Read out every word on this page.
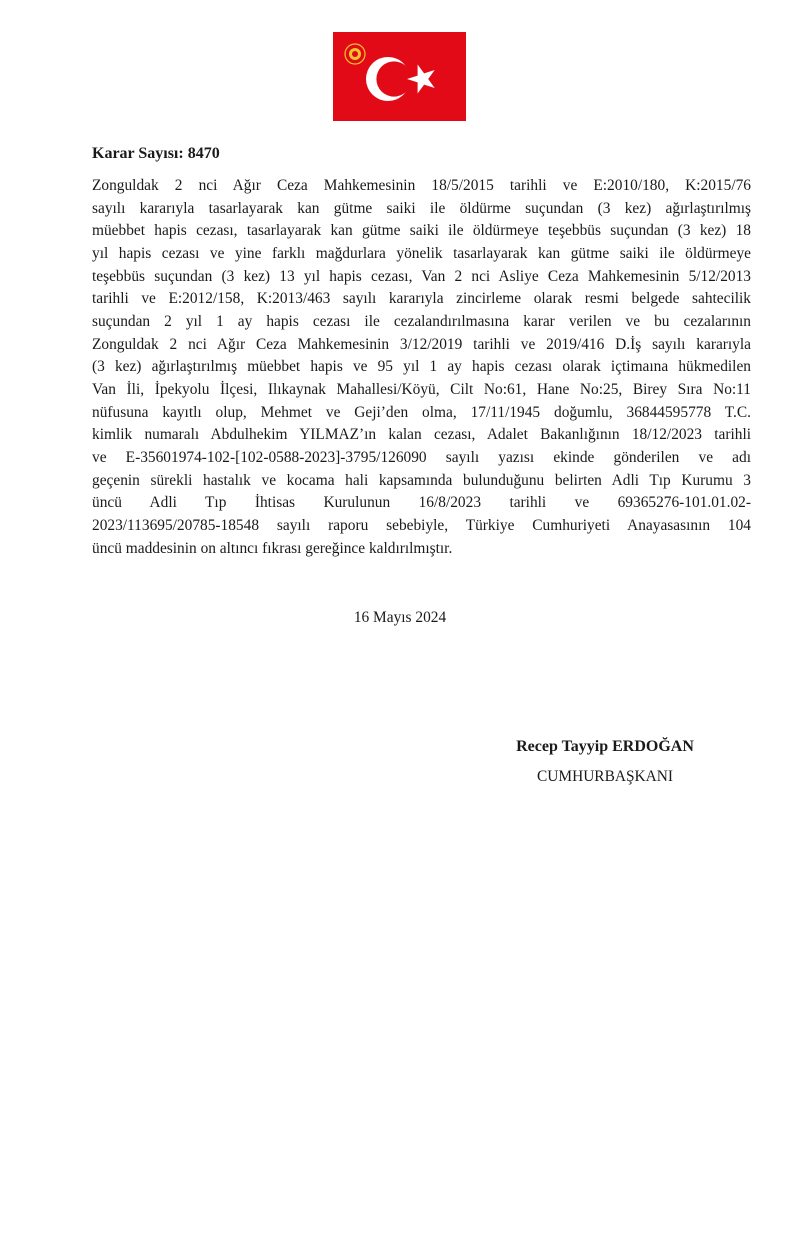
Karar Sayısı: 8470
Zonguldak 2 nci Ağır Ceza Mahkemesinin 18/5/2015 tarihli ve E:2010/180, K:2015/76
sayılı kararıyla tasarlayarak kan gütme saiki ile öldürme suçundan (3 kez) ağırlaştırılmış
müebbet hapis cezası, tasarlayarak kan gütme saiki ile öldürmeye teşebbüs suçundan (3 kez) 18
yıl hapis cezası ve yine farklı mağdurlara yönelik tasarlayarak kan gütme saiki ile öldürmeye
teşebbüs suçundan (3 kez) 13 yıl hapis cezası, Van 2 nci Asliye Ceza Mahkemesinin 5/12/2013
tarihli ve E:2012/158, K:2013/463 sayılı kararıyla zincirleme olarak resmi belgede sahtecilik
suçundan 2 yıl 1 ay hapis cezası ile cezalandırılmasına karar verilen ve bu cezalarının
Zonguldak 2 nci Ağır Ceza Mahkemesinin 3/12/2019 tarihli ve 2019/416 D.İş sayılı kararıyla
(3 kez) ağırlaştırılmış müebbet hapis ve 95 yıl 1 ay hapis cezası olarak içtimaına hükmedilen
Van İli, İpekyolu İlçesi, Ilıkaynak Mahallesi/Köyü, Cilt No:61, Hane No:25, Birey Sıra No:11
nüfusuna kayıtlı olup, Mehmet ve Geji’den olma, 17/11/1945 doğumlu, 36844595778 T.C.
kimlik numaralı Abdulhekim YILMAZ’ın kalan cezası, Adalet Bakanlığının 18/12/2023 tarihli
ve E-35601974-102-[102-0588-2023]-3795/126090 sayılı yazısı ekinde gönderilen ve adı
geçenin sürekli hastalık ve kocama hali kapsamında bulunduğunu belirten Adli Tıp Kurumu 3
üncü Adli Tıp İhtisas Kurulunun 16/8/2023 tarihli ve 69365276-101.01.02-
2023/113695/20785-18548 sayılı raporu sebebiyle, Türkiye Cumhuriyeti Anayasasının 104
üncü maddesinin on altıncı fıkrası gereğince kaldırılmıştır.
16 Mayıs 2024
Recep Tayyip ERDOĞAN
CUMHURBAŞKANI
